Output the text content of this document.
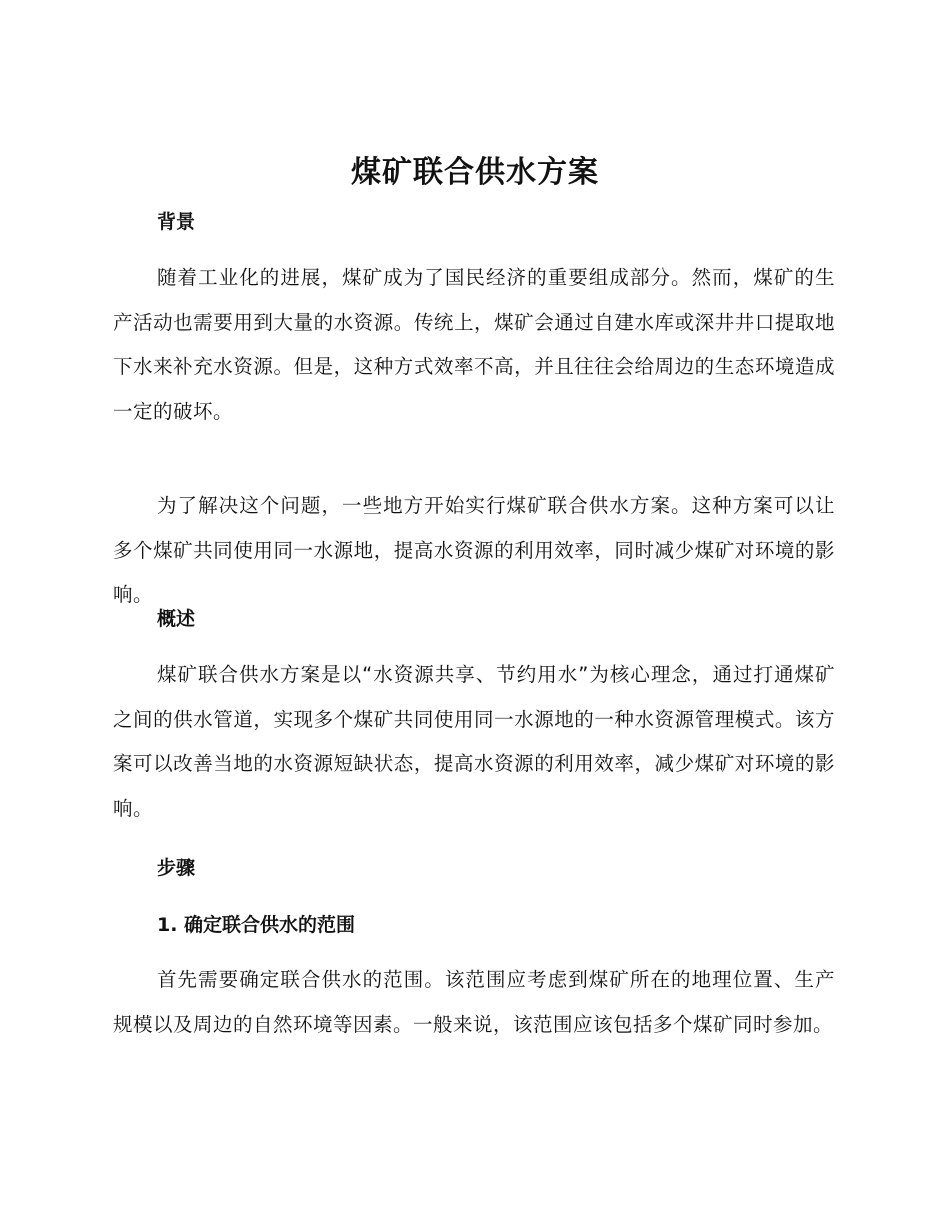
煤矿联合供水方案
背景

随着工业化的进展，煤矿成为了国民经济的重要组成部分。然而，煤矿的生产活动也需要用到大量的水资源。传统上，煤矿会通过自建水库或深井井口提取地下水来补充水资源。但是，这种方式效率不高，并且往往会给周边的生态环境造成一定的破坏。

为了解决这个问题，一些地方开始实行煤矿联合供水方案。这种方案可以让多个煤矿共同使用同一水源地，提高水资源的利用效率，同时减少煤矿对环境的影响。

概述

煤矿联合供水方案是以“水资源共享、节约用水”为核心理念，通过打通煤矿之间的供水管道，实现多个煤矿共同使用同一水源地的一种水资源管理模式。该方案可以改善当地的水资源短缺状态，提高水资源的利用效率，减少煤矿对环境的影响。

步骤
1. 确定联合供水的范围

首先需要确定联合供水的范围。该范围应考虑到煤矿所在的地理位置、生产规模以及周边的自然环境等因素。一般来说，该范围应该包括多个煤矿同时参加。
